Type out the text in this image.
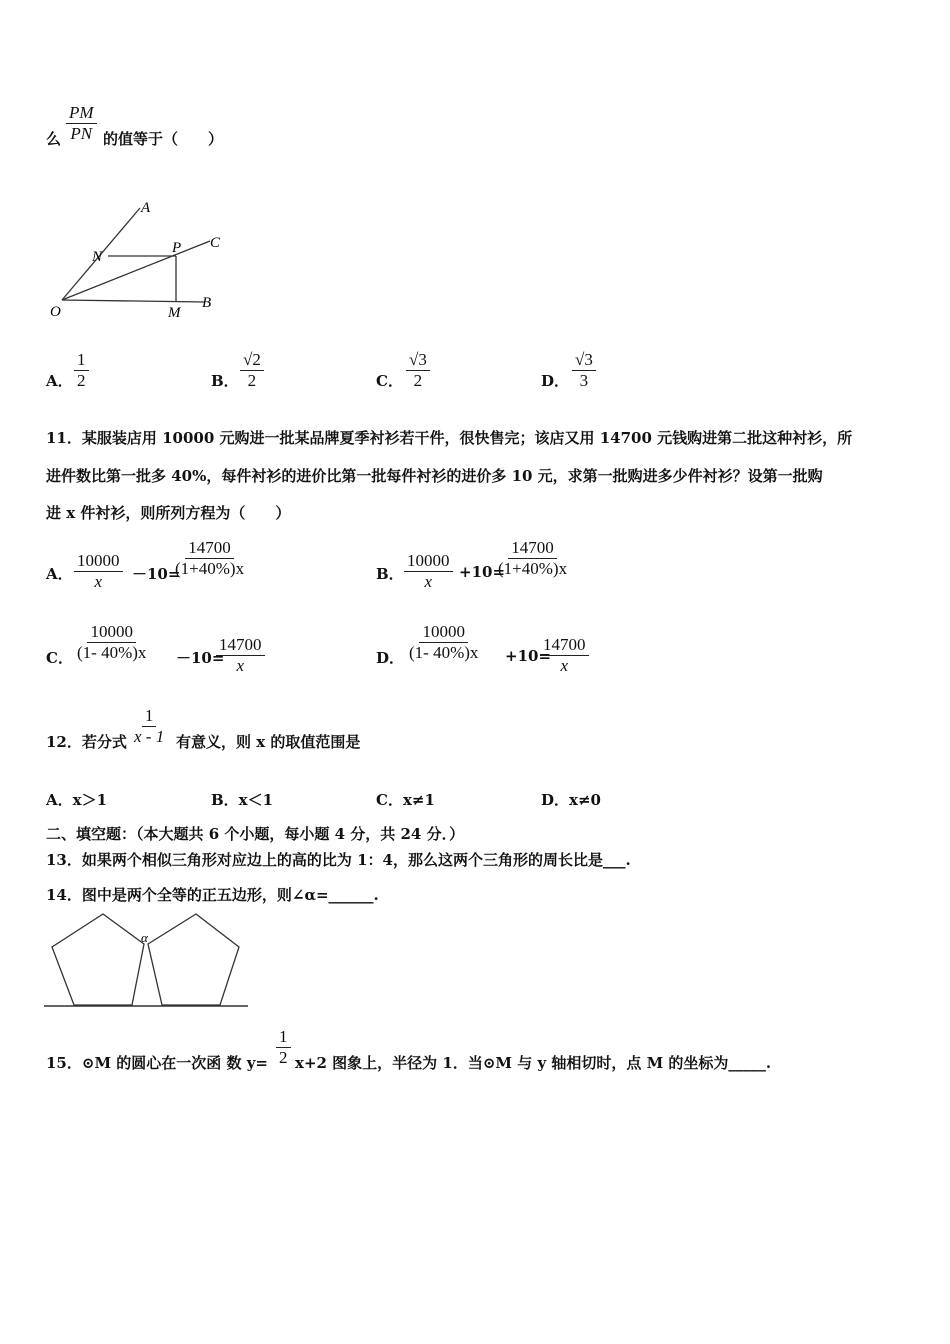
么 $\frac{PM}{PN}$ 的值等于（　　）
A
N
P C
O	M
B
A． $\frac{1}{2}$	B． $\frac{√2}{2}$	C． $\frac{√3}{2}$	D． $\frac{√3}{3}$
11．某服装店用 10000 元购进一批某品牌夏季衬衫若干件，很快售完；该店又用 14700 元钱购进第二批这种衬衫，所
进件数比第一批多 40%，每件衬衫的进价比第一批每件衬衫的进价多 10 元，求第一批购进多少件衬衫？设第一批购
进 x 件衬衫，则所列方程为（　　）
A． $\frac{10000}{x} -10=$
$\frac{14700}{(1+40\%)x}$	B． $\frac{10000}{x} +10=$
$\frac{14700}{(1+40\%)x}$
C． $\frac{10000}{(1- 40\%)x} -10=$
$\frac{14700}{x}$	D． $\frac{10000}{(1- 40\%)x} +10=$
$\frac{14700}{x}$
12．若分式 $\frac{1}{x - 1}$ 有意义，则 x 的取值范围是
A．x＞1	B．x＜1	C．x≠1	D．x≠0
二、填空题：（本大题共 6 个小题，每小题 4 分，共 24 分．）
13．如果两个相似三角形对应边上的高的比为 1：4，那么这两个三角形的周长比是___.
14．图中是两个全等的正五边形，则∠α=______.
α
15．⊙M 的圆心在一次函 数 $y= \frac{1}{2} x+2$ 图象上，半径为 1．当⊙M 与 y 轴相切时，点 M 的坐标为_____.
